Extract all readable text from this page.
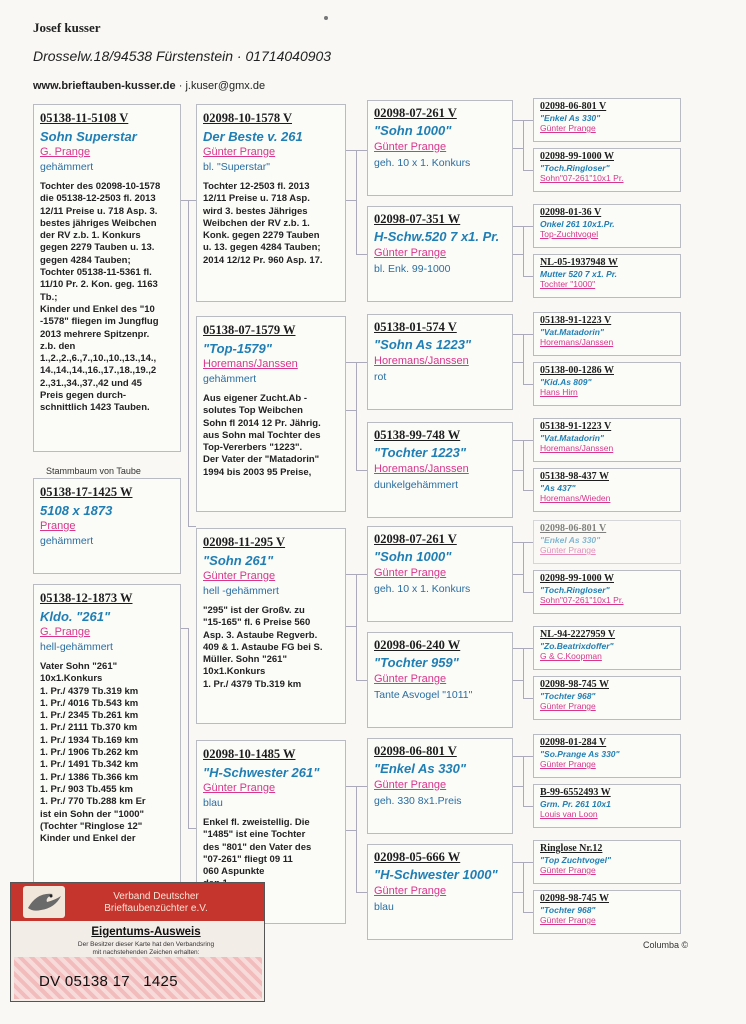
Josef kusser
Drosselw.18/94538 Fürstenstein · 01714040903
www.brieftauben-kusser.de · j.kuser@gmx.de
05138-11-5108 V
Sohn Superstar
G. Prange
gehämmert
Tochter des 02098-10-1578
die 05138-12-2503 fl. 2013
12/11 Preise u. 718 Asp. 3.
bestes jähriges Weibchen
der RV z.b. 1. Konkurs
gegen 2279 Tauben u. 13.
gegen 4284 Tauben;
Tochter 05138-11-5361 fl.
11/10 Pr. 2. Kon. geg. 1163
Tb.;
Kinder und Enkel des "10
-1578" fliegen im Jungflug
2013 mehrere Spitzenpr.
z.b. den
1.,2.,2.,6.,7.,10.,10.,13.,14.,
14.,14.,14.,16.,17.,18.,19.,2
2.,31.,34.,37.,42 und 45
Preis gegen durch-
schnittlich 1423 Tauben.
Stammbaum von Taube
05138-17-1425 W
5108 x 1873
Prange
gehämmert
05138-12-1873 W
Kldo. "261"
G. Prange
hell-gehämmert
Vater Sohn "261"
10x1.Konkurs
1. Pr./ 4379 Tb.319 km
1. Pr./ 4016 Tb.543 km
1. Pr./ 2345 Tb.261 km
1. Pr./ 2111 Tb.370 km
1. Pr./ 1934 Tb.169 km
1. Pr./ 1906 Tb.262 km
1. Pr./ 1491 Tb.342 km
1. Pr./ 1386 Tb.366 km
1. Pr./ 903 Tb.455 km
1. Pr./ 770 Tb.288 km Er
ist ein Sohn der "1000"
(Tochter "Ringlose 12"
Kinder und Enkel der
02098-10-1578 V
Der Beste v. 261
Günter Prange
bl. "Superstar"
Tochter 12-2503 fl. 2013
12/11 Preise u. 718 Asp.
wird 3. bestes Jähriges
Weibchen der RV z.b. 1.
Konk. gegen 2279 Tauben
u. 13. gegen 4284 Tauben;
2014 12/12 Pr. 960 Asp. 17.
05138-07-1579 W
"Top-1579"
Horemans/Janssen
gehämmert
Aus eigener Zucht.Ab -
solutes Top Weibchen
Sohn fl 2014 12 Pr. Jährig.
aus Sohn mal Tochter des
Top-Vererbers "1223".
Der Vater der "Matadorin"
1994 bis 2003 95 Preise,
02098-11-295 V
"Sohn 261"
Günter Prange
hell -gehämmert
"295" ist der Großv. zu
"15-165" fl. 6 Preise 560
Asp. 3. Astaube Regverb.
409 & 1. Astaube FG bei S.
Müller. Sohn "261"
10x1.Konkurs
1. Pr./ 4379 Tb.319 km
02098-10-1485 W
"H-Schwester 261"
Günter Prange
blau
Enkel fl. zweistellig. Die
"1485" ist eine Tochter
des "801" den Vater des
"07-261" fliegt 09 11
060 Aspunkte

02098-07-261 V
"Sohn 1000"
Günter Prange
geh. 10 x 1. Konkurs
02098-07-351 W
H-Schw.520 7 x1. Pr.
Günter Prange
bl. Enk. 99-1000
05138-01-574 V
"Sohn As 1223"
Horemans/Janssen
rot
05138-99-748 W
"Tochter 1223"
Horemans/Janssen
dunkelgehämmert
02098-07-261 V
"Sohn 1000"
Günter Prange
geh. 10 x 1. Konkurs
02098-06-240 W
"Tochter 959"
Günter Prange
Tante Asvogel "1011"
02098-06-801 V
"Enkel As 330"
Günter Prange
geh. 330 8x1.Preis
02098-05-666 W
"H-Schwester 1000"
Günter Prange
blau
02098-06-801 V
"Enkel As 330"
Günter Prange
02098-99-1000 W
"Toch.Ringloser"
Sohn"07-261"10x1 Pr.
02098-01-36 V
Onkel 261 10x1.Pr.
Top-Zuchtvogel
NL-05-1937948 W
Mutter 520 7 x1. Pr.
Tochter "1000"
05138-91-1223 V
"Vat.Matadorin"
Horemans/Janssen
05138-00-1286 W
"Kid.As 809"
Hans Hirn
05138-91-1223 V
"Vat.Matadorin"
Horemans/Janssen
05138-98-437 W
"As 437"
Horemans/Wieden
02098-06-801 V
"Enkel As 330"
Günter Prange
02098-99-1000 W
"Toch.Ringloser"
Sohn"07-261"10x1 Pr.
NL-94-2227959 V
"Zo.Beatrixdoffer"
G & C.Koopman
02098-98-745 W
"Tochter 968"
Günter Prange
02098-01-284 V
"So.Prange As 330"
Günter Prange
B-99-6552493 W
Grm. Pr. 261 10x1
Louis van Loon
Ringlose Nr.12
"Top Zuchtvogel"
Günter Prange
02098-98-745 W
"Tochter 968"
Günter Prange
Columba ©
Verband Deutscher
Brieftaubenzüchter e.V.
Eigentums-Ausweis
Der Besitzer dieser Karte hat den Verbandsring
mit nachstehenden Zeichen erhalten:
DV 05138 17   1425
